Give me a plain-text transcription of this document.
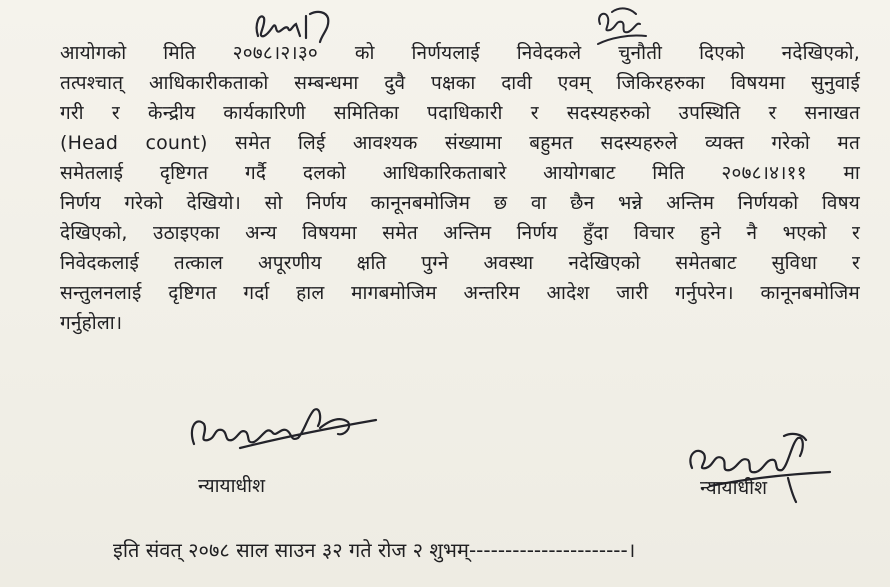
आयोगको मिति २०७८।२।३० को निर्णयलाई निवेदकले चुनौती दिएको नदेखिएको,
तत्पश्चात् आधिकारीकताको सम्बन्धमा दुवै पक्षका दावी एवम् जिकिरहरुका विषयमा सुनुवाई
गरी र केन्द्रीय कार्यकारिणी समितिका पदाधिकारी र सदस्यहरुको उपस्थिति र सनाखत
(Head count) समेत लिई आवश्यक संख्यामा बहुमत सदस्यहरुले व्यक्त गरेको मत
समेतलाई दृष्टिगत गर्दै दलको आधिकारिकताबारे आयोगबाट मिति २०७८।४।११ मा
निर्णय गरेको देखियो। सो निर्णय कानूनबमोजिम छ वा छैन भन्ने अन्तिम निर्णयको विषय
देखिएको, उठाइएका अन्य विषयमा समेत अन्तिम निर्णय हुँदा विचार हुने नै भएको र
निवेदकलाई तत्काल अपूरणीय क्षति पुग्ने अवस्था नदेखिएको समेतबाट सुविधा र
सन्तुलनलाई दृष्टिगत गर्दा हाल मागबमोजिम अन्तरिम आदेश जारी गर्नुपरेन। कानूनबमोजिम
गर्नुहोला।
न्यायाधीश	न्यायाधीश
इति संवत् २०७८ साल साउन ३२ गते रोज २ शुभम्----------------------।
